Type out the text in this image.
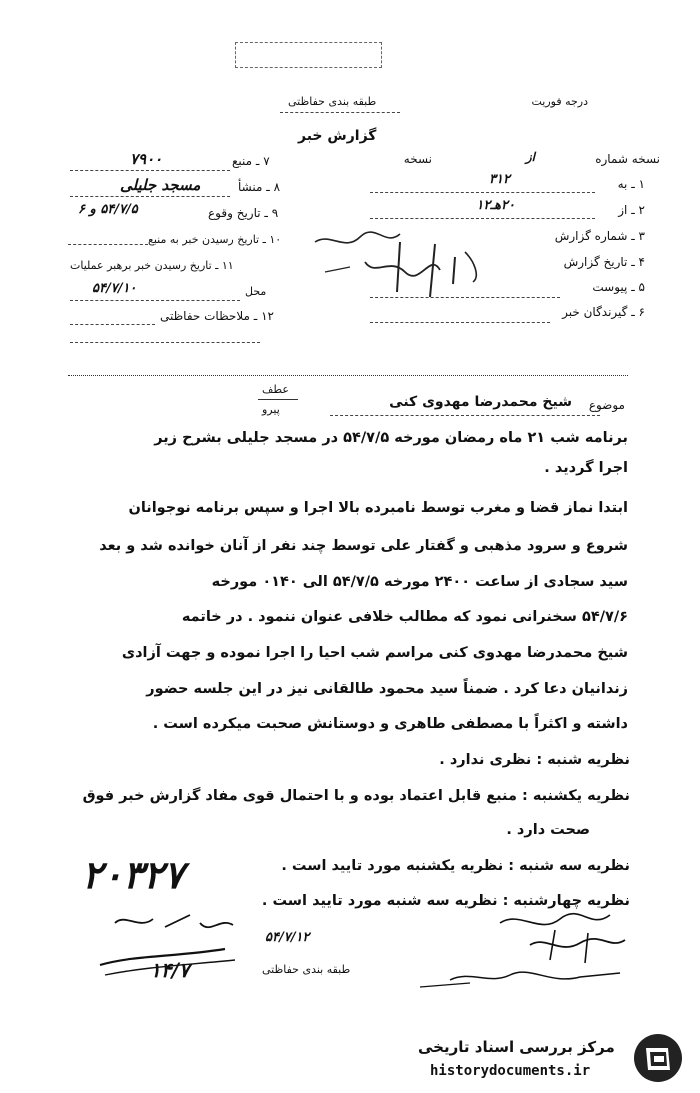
درجه فوریت
طبقه بندی حفاظتی
گزارش خبر
نسخه شماره
از
نسخه
۱ ـ به
۳۱۲
۲ ـ از
۲۰هـ۱۲
۳ ـ شماره گزارش
۴ ـ تاریخ گزارش
۵ ـ پیوست
۶ ـ گیرندگان خبر
۷ ـ منبع
۷۹۰۰
۸ ـ منشأ
مسجد جلیلی
۹ ـ تاریخ وقوع
۵۴/۷/۵ و ۶
۱۰ ـ تاریخ رسیدن خبر به منبع
۱۱ ـ تاریخ رسیدن خبر برهبر عملیات
محل
۵۴/۷/۱۰
۱۲ ـ ملاحظات حفاظتی
عطف
پیرو	موضوع
شیخ محمدرضا مهدوی کنی
برنامه شب ۲۱ ماه رمضان مورخه ۵۴/۷/۵ در مسجد جلیلی بشرح زیر
اجرا گردید .
ابتدا نماز قضا و مغرب توسط نامبرده بالا اجرا و سپس برنامه نوجوانان
شروع و سرود مذهبی و گفتار علی توسط چند نفر از آنان خوانده شد و بعد
سید سجادی از ساعت ۲۴۰۰ مورخه ۵۴/۷/۵ الی ۰۱۴۰ مورخه
۵۴/۷/۶ سخنرانی نمود که مطالب خلافی عنوان ننمود . در خاتمه
شیخ محمدرضا مهدوی کنی مراسم شب احیا را اجرا نموده و جهت آزادی
زندانیان دعا کرد . ضمناً سید محمود طالقانی نیز در این جلسه حضور
داشته و اکثراً با مصطفی طاهری و دوستانش صحبت میکرده است .
نظریه شنبه : نظری ندارد .
نظریه یکشنبه : منبع قابل اعتماد بوده و با احتمال قوی مفاد گزارش خبر فوق
صحت دارد .
نظریه سه شنبه : نظریه یکشنبه مورد تایید است .
نظریه چهارشنبه : نظریه سه شنبه مورد تایید است .
۲۰۳۲۷
۱۴/۷
۵۴/۷/۱۲
طبقه بندی حفاظتی
مرکز بررسی اسناد تاریخی
historydocuments.ir
